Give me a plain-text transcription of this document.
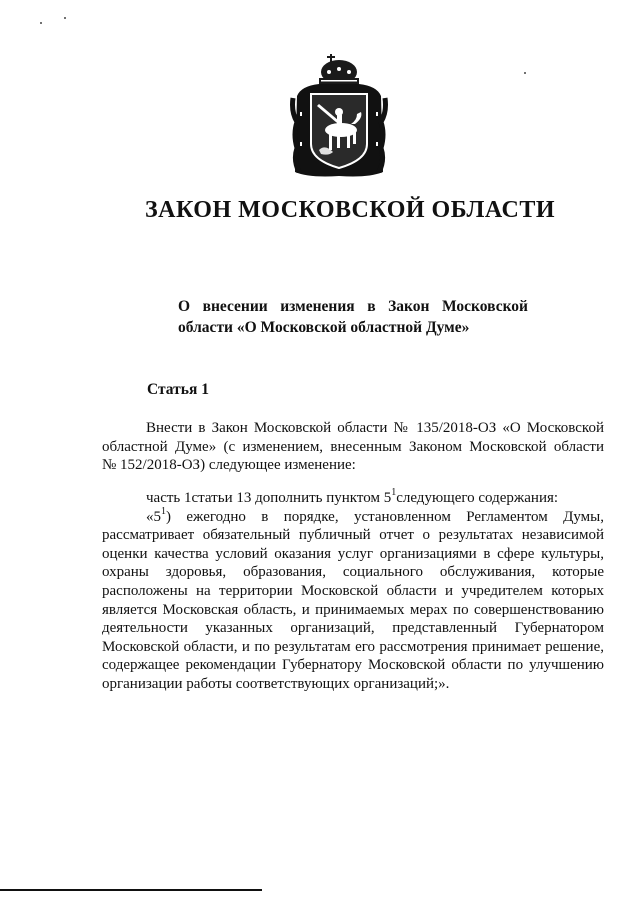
ЗАКОН МОСКОВСКОЙ ОБЛАСТИ
О внесении изменения в Закон Московской
области «О Московской областной Думе»
Статья 1
Внести в Закон Московской области № 135/2018-ОЗ «О Московской
областной Думе» (с изменением, внесенным Законом Московской области
№ 152/2018-ОЗ) следующее изменение:
часть 1статьи 13 дополнить пунктом $5^1следующего$ содержания:
«$5^1$) ежегодно в порядке, установленном Регламентом Думы,
рассматривает обязательный публичный отчет о результатах независимой
оценки качества условий оказания услуг организациями в сфере культуры,
охраны здоровья, образования, социального обслуживания, которые
расположены на территории Московской области и учредителем которых
является Московская область, и принимаемых мерах по совершенствованию
деятельности указанных организаций, представленный Губернатором
Московской области, и по результатам его рассмотрения принимает решение,
содержащее рекомендации Губернатору Московской области по улучшению
организации работы соответствующих организаций;».
